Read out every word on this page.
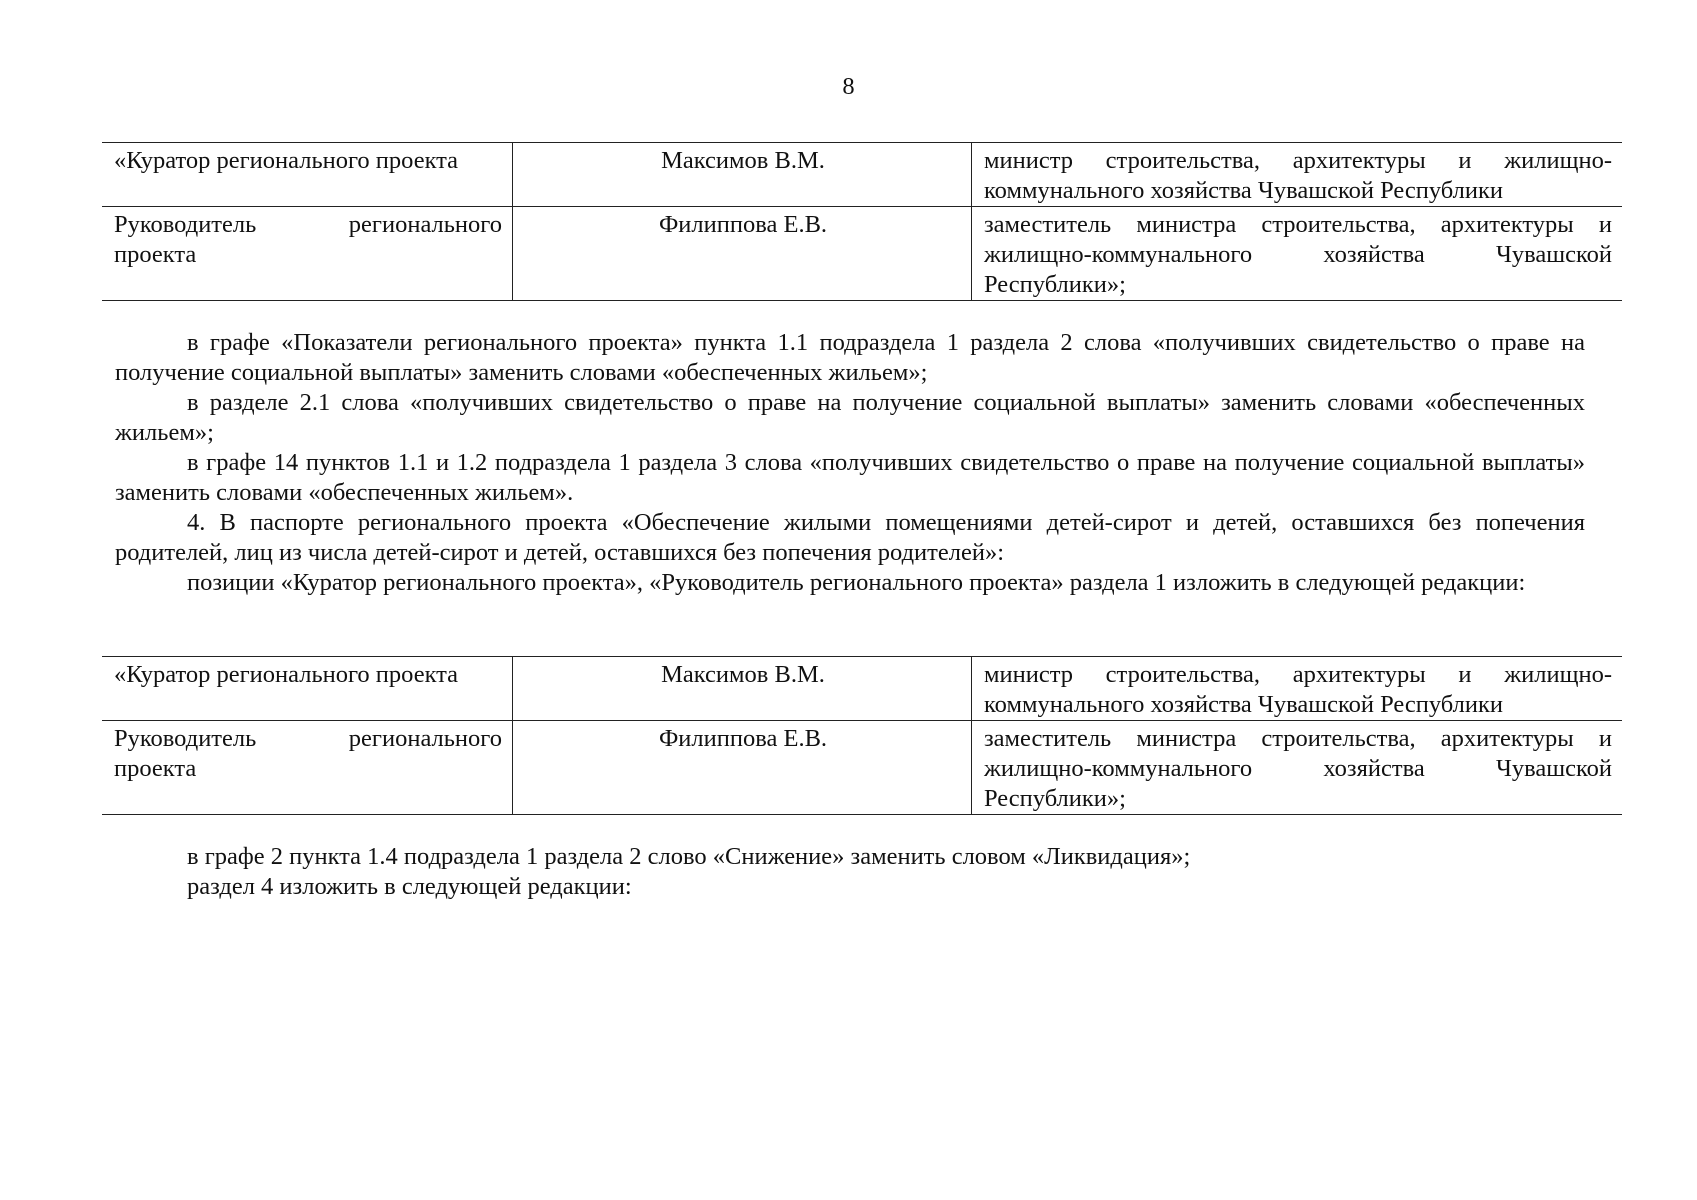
8
«Куратор регионального проекта	Максимов В.М.	министр строительства, архитектуры и жилищно-коммунального хозяйства Чувашской Республики
Руководитель регионального проекта	Филиппова Е.В.	заместитель министра строительства, архитектуры и жилищно-коммунального хозяйства Чувашской Республики»;

в графе «Показатели регионального проекта» пункта 1.1 подраздела 1 раздела 2 слова «получивших свидетельство о праве на получение социальной выплаты» заменить словами «обеспеченных жильем»;

в разделе 2.1 слова «получивших свидетельство о праве на получение социальной выплаты» заменить словами «обеспеченных жильем»;

в графе 14 пунктов 1.1 и 1.2 подраздела 1 раздела 3 слова «получивших свидетельство о праве на получение социальной выплаты» заменить словами «обеспеченных жильем».

4. В паспорте регионального проекта «Обеспечение жилыми помещениями детей-сирот и детей, оставшихся без попечения родителей, лиц из числа детей-сирот и детей, оставшихся без попечения родителей»:

позиции «Куратор регионального проекта», «Руководитель регионального проекта» раздела 1 изложить в следующей редакции:

«Куратор регионального проекта	Максимов В.М.	министр строительства, архитектуры и жилищно-коммунального хозяйства Чувашской Республики
Руководитель регионального проекта	Филиппова Е.В.	заместитель министра строительства, архитектуры и жилищно-коммунального хозяйства Чувашской Республики»;

в графе 2 пункта 1.4 подраздела 1 раздела 2 слово «Снижение» заменить словом «Ликвидация»;

раздел 4 изложить в следующей редакции:
